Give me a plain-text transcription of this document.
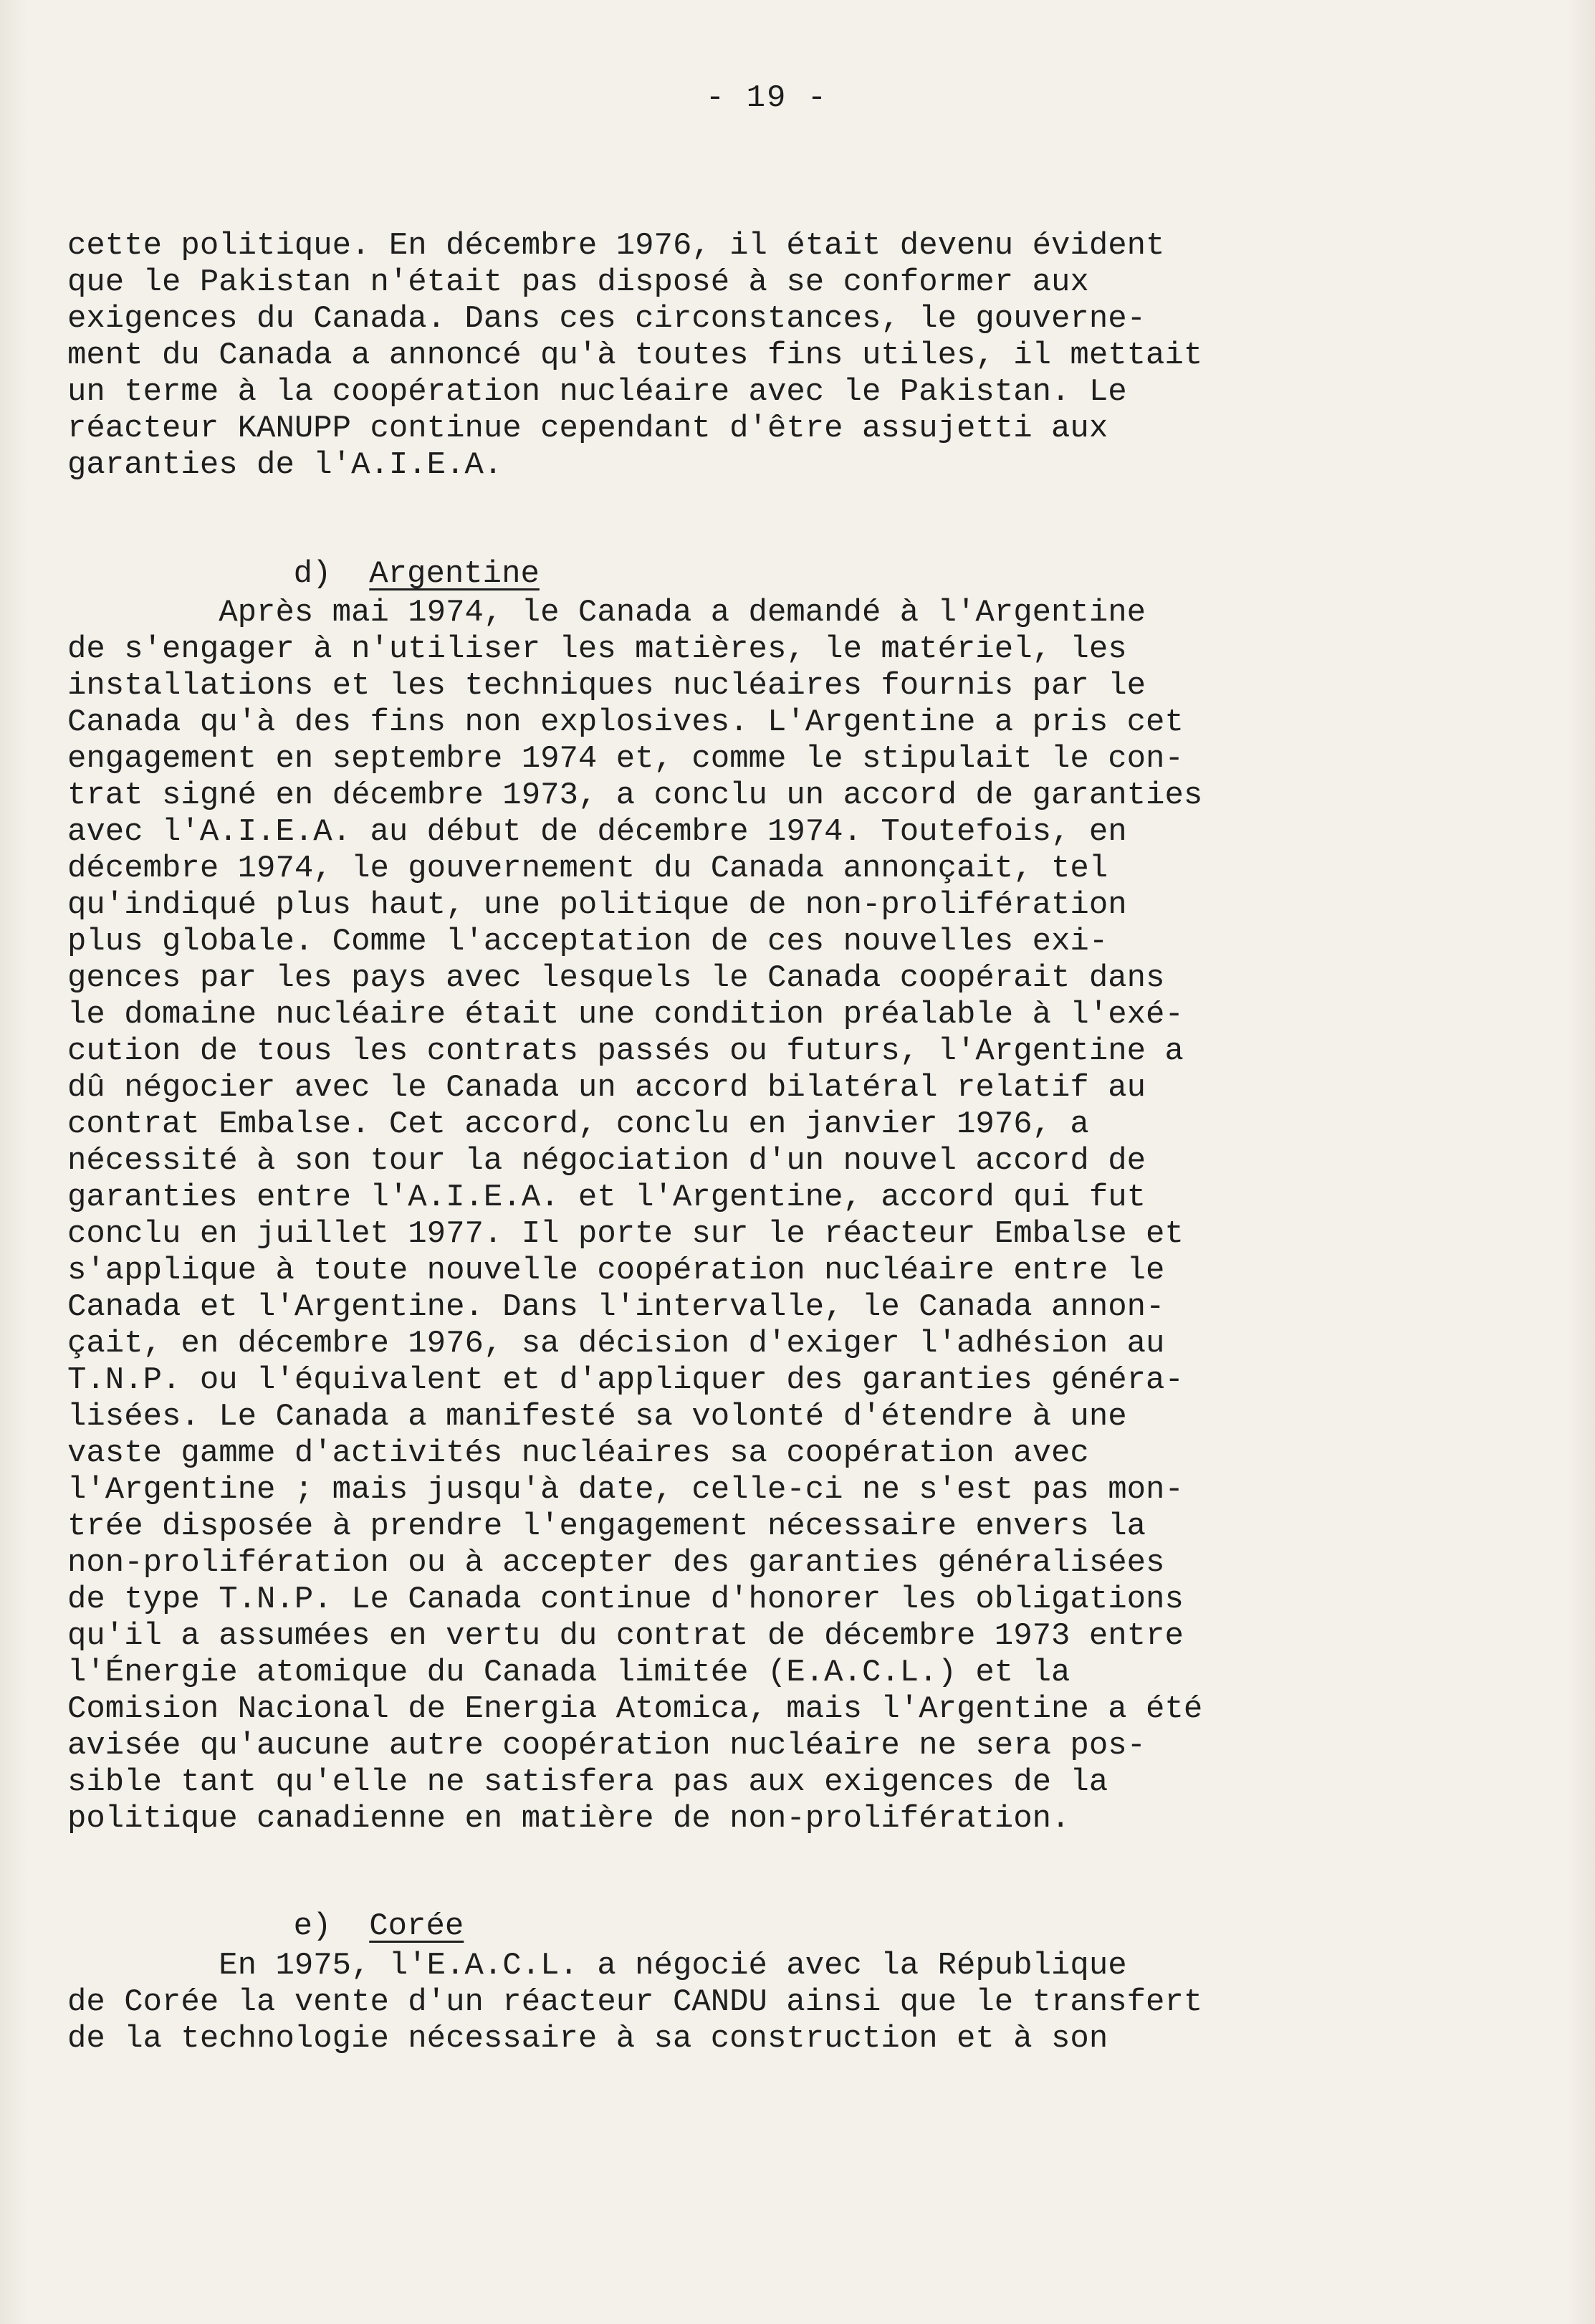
- 19 -
cette politique. En décembre 1976, il était devenu évident
que le Pakistan n'était pas disposé à se conformer aux
exigences du Canada. Dans ces circonstances, le gouverne-
ment du Canada a annoncé qu'à toutes fins utiles, il mettait
un terme à la coopération nucléaire avec le Pakistan. Le
réacteur KANUPP continue cependant d'être assujetti aux
garanties de l'A.I.E.A.

d) Argentine

Après mai 1974, le Canada a demandé à l'Argentine
de s'engager à n'utiliser les matières, le matériel, les
installations et les techniques nucléaires fournis par le
Canada qu'à des fins non explosives. L'Argentine a pris cet
engagement en septembre 1974 et, comme le stipulait le con-
trat signé en décembre 1973, a conclu un accord de garanties
avec l'A.I.E.A. au début de décembre 1974. Toutefois, en
décembre 1974, le gouvernement du Canada annonçait, tel
qu'indiqué plus haut, une politique de non-prolifération
plus globale. Comme l'acceptation de ces nouvelles exi-
gences par les pays avec lesquels le Canada coopérait dans
le domaine nucléaire était une condition préalable à l'exé-
cution de tous les contrats passés ou futurs, l'Argentine a
dû négocier avec le Canada un accord bilatéral relatif au
contrat Embalse. Cet accord, conclu en janvier 1976, a
nécessité à son tour la négociation d'un nouvel accord de
garanties entre l'A.I.E.A. et l'Argentine, accord qui fut
conclu en juillet 1977. Il porte sur le réacteur Embalse et
s'applique à toute nouvelle coopération nucléaire entre le
Canada et l'Argentine. Dans l'intervalle, le Canada annon-
çait, en décembre 1976, sa décision d'exiger l'adhésion au
T.N.P. ou l'équivalent et d'appliquer des garanties généra-
lisées. Le Canada a manifesté sa volonté d'étendre à une
vaste gamme d'activités nucléaires sa coopération avec
l'Argentine ; mais jusqu'à date, celle-ci ne s'est pas mon-
trée disposée à prendre l'engagement nécessaire envers la
non-prolifération ou à accepter des garanties généralisées
de type T.N.P. Le Canada continue d'honorer les obligations
qu'il a assumées en vertu du contrat de décembre 1973 entre
l'Énergie atomique du Canada limitée (E.A.C.L.) et la
Comision Nacional de Energia Atomica, mais l'Argentine a été
avisée qu'aucune autre coopération nucléaire ne sera pos-
sible tant qu'elle ne satisfera pas aux exigences de la
politique canadienne en matière de non-prolifération.

e) Corée

En 1975, l'E.A.C.L. a négocié avec la République
de Corée la vente d'un réacteur CANDU ainsi que le transfert
de la technologie nécessaire à sa construction et à son
